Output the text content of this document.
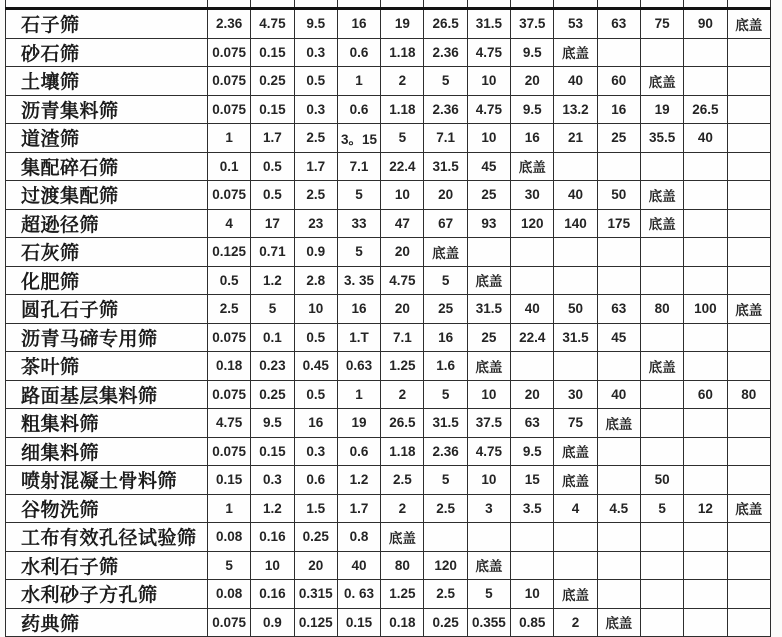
石子筛	2.36	4.75	9.5	16	19	26.5	31.5	37.5	53	63	75	90	底盖
砂石筛	0.075	0.15	0.3	0.6	1.18	2.36	4.75	9.5	底盖				
土壤筛	0.075	0.25	0.5	1	2	5	10	20	40	60	底盖		
沥青集料筛	0.075	0.15	0.3	0.6	1.18	2.36	4.75	9.5	13.2	16	19	26.5	
道渣筛	1	1.7	2.5	3。15	5	7.1	10	16	21	25	35.5	40	
集配碎石筛	0.1	0.5	1.7	7.1	22.4	31.5	45	底盖					
过渡集配筛	0.075	0.5	2.5	5	10	20	25	30	40	50	底盖		
超逊径筛	4	17	23	33	47	67	93	120	140	175	底盖		
石灰筛	0.125	0.71	0.9	5	20	底盖							
化肥筛	0.5	1.2	2.8	3. 35	4.75	5	底盖						
圆孔石子筛	2.5	5	10	16	20	25	31.5	40	50	63	80	100	底盖
沥青马碲专用筛	0.075	0.1	0.5	1.T	7.1	16	25	22.4	31.5	45			
茶叶筛	0.18	0.23	0.45	0.63	1.25	1.6	底盖				底盖		
路面基层集料筛	0.075	0.25	0.5	1	2	5	10	20	30	40		60	80
粗集料筛	4.75	9.5	16	19	26.5	31.5	37.5	63	75	底盖			
细集料筛	0.075	0.15	0.3	0.6	1.18	2.36	4.75	9.5	底盖				
喷射混凝土骨料筛	0.15	0.3	0.6	1.2	2.5	5	10	15	底盖		50		
谷物洗筛	1	1.2	1.5	1.7	2	2.5	3	3.5	4	4.5	5	12	底盖
工布有效孔径试验筛	0.08	0.16	0.25	0.8	底盖								
水利石子筛	5	10	20	40	80	120	底盖						
水利砂子方孔筛	0.08	0.16	0.315	0. 63	1.25	2.5	5	10	底盖				
药典筛	0.075	0.9	0.125	0.15	0.18	0.25	0.355	0.85	2	底盖			
